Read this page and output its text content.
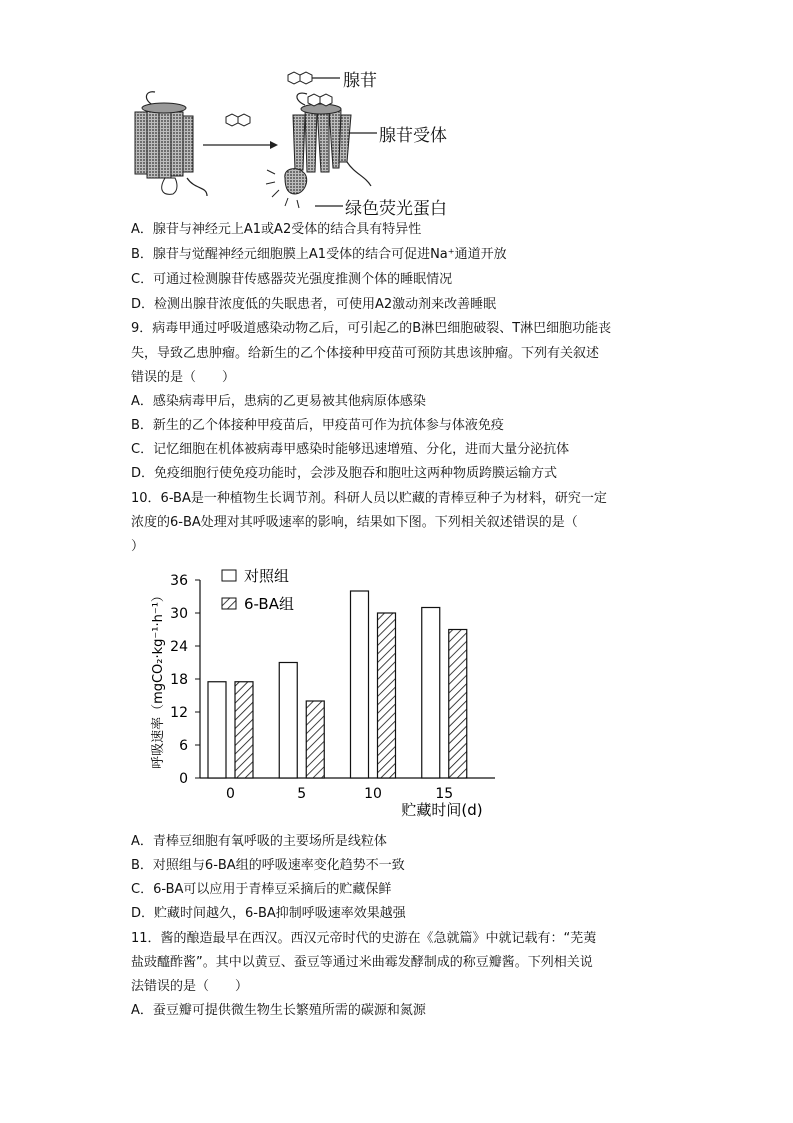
腺苷
腺苷受体
绿色荧光蛋白
A．腺苷与神经元上A1或A2受体的结合具有特异性
B．腺苷与觉醒神经元细胞膜上A1受体的结合可促进Na⁺通道开放
C．可通过检测腺苷传感器荧光强度推测个体的睡眠情况
D．检测出腺苷浓度低的失眠患者，可使用A2激动剂来改善睡眠
9．病毒甲通过呼吸道感染动物乙后，可引起乙的B淋巴细胞破裂、T淋巴细胞功能丧
失，导致乙患肿瘤。给新生的乙个体接种甲疫苗可预防其患该肿瘤。下列有关叙述
错误的是（　　）
A．感染病毒甲后，患病的乙更易被其他病原体感染
B．新生的乙个体接种甲疫苗后，甲疫苗可作为抗体参与体液免疫
C．记忆细胞在机体被病毒甲感染时能够迅速增殖、分化，进而大量分泌抗体
D．免疫细胞行使免疫功能时，会涉及胞吞和胞吐这两种物质跨膜运输方式
10．6-BA是一种植物生长调节剂。科研人员以贮藏的青棒豆种子为材料，研究一定
浓度的6-BA处理对其呼吸速率的影响，结果如下图。下列相关叙述错误的是（
）
0
6
12
18
24
30
36
0	5	10	15
贮藏时间(d)
呼吸速率（mgCO₂·kg⁻¹·h⁻¹）
对照组
6-BA组
A．青棒豆细胞有氧呼吸的主要场所是线粒体
B．对照组与6-BA组的呼吸速率变化趋势不一致
C．6-BA可以应用于青棒豆采摘后的贮藏保鲜
D．贮藏时间越久，6-BA抑制呼吸速率效果越强
11．酱的酿造最早在西汉。西汉元帝时代的史游在《急就篇》中就记载有：“芜荑
盐豉醯酢酱”。其中以黄豆、蚕豆等通过米曲霉发酵制成的称豆瓣酱。下列相关说
法错误的是（　　）
A．蚕豆瓣可提供微生物生长繁殖所需的碳源和氮源
